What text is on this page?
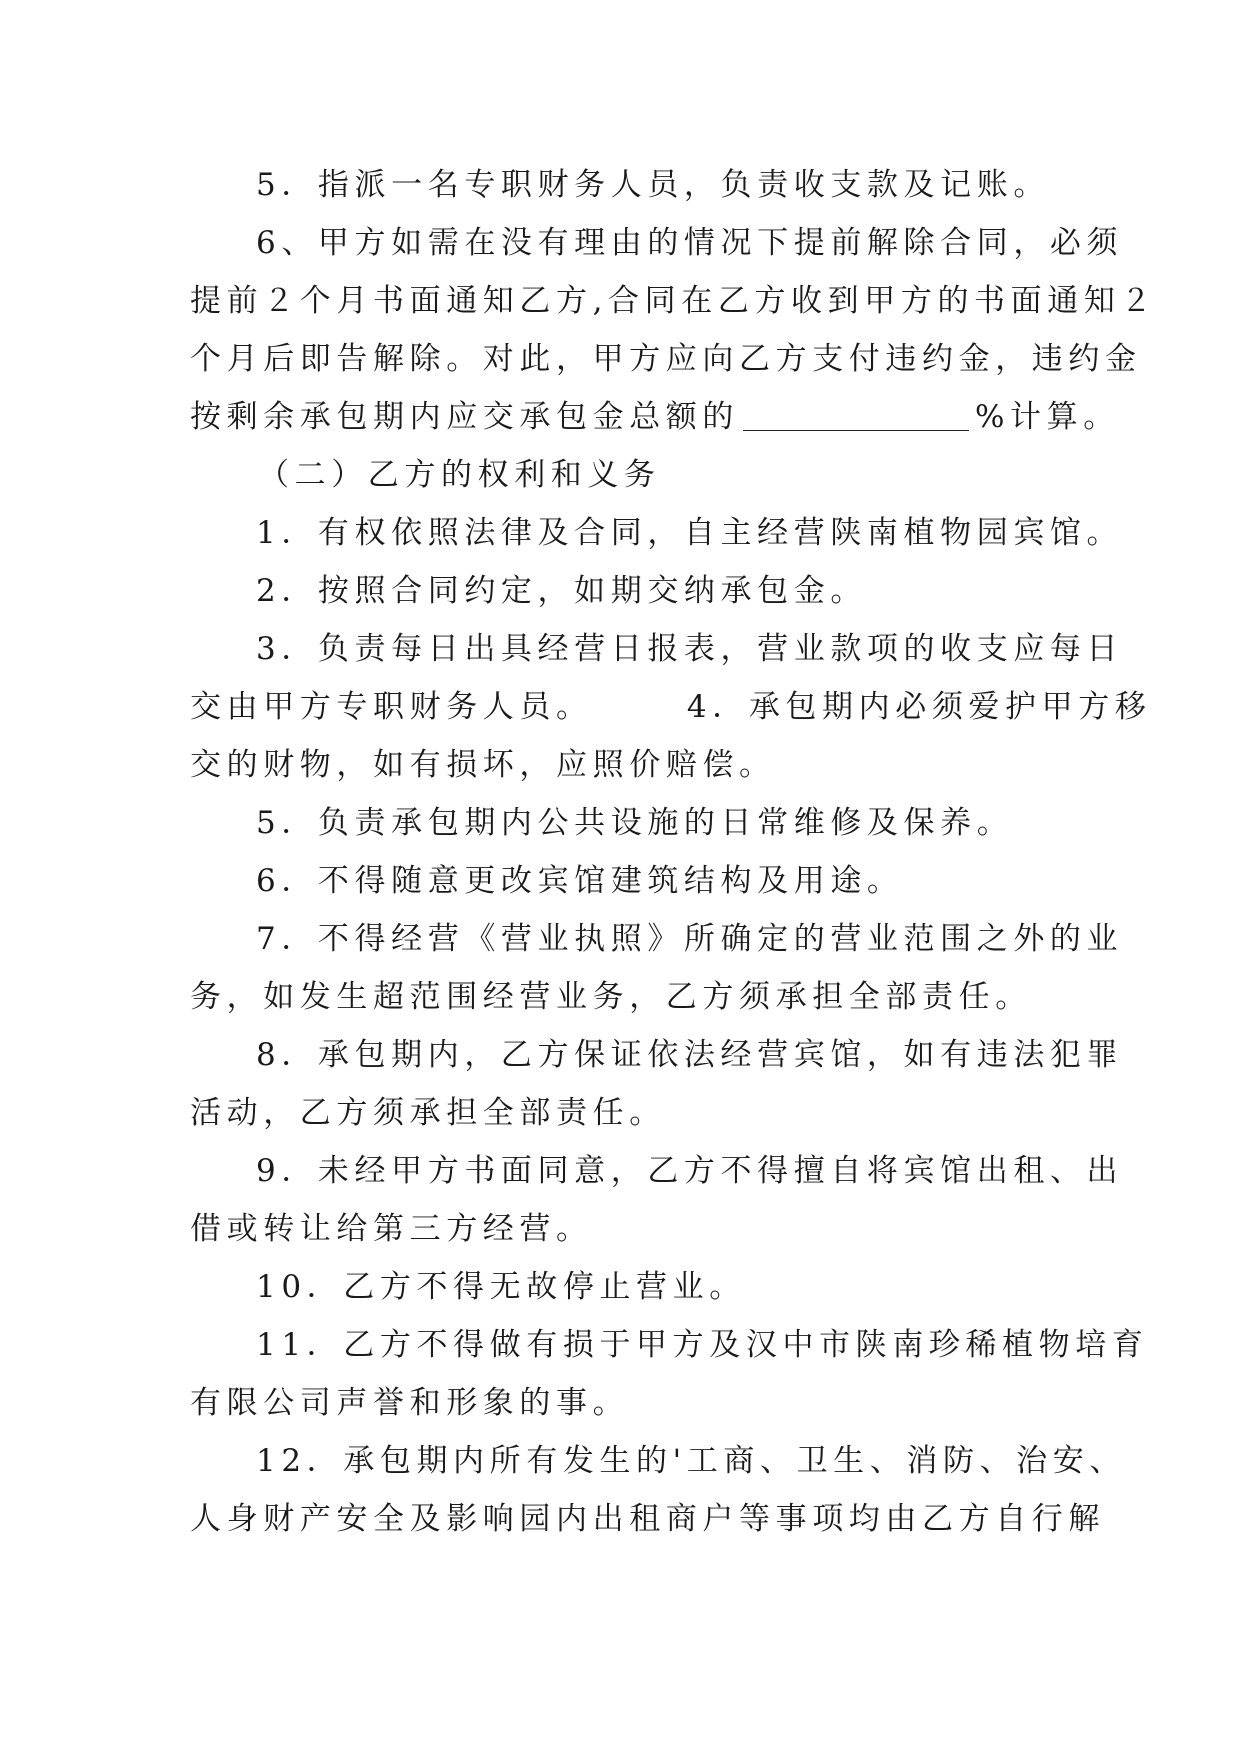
5．指派一名专职财务人员，负责收支款及记账。
6、甲方如需在没有理由的情况下提前解除合同，必须
提前２个月书面通知乙方,合同在乙方收到甲方的书面通知２
个月后即告解除。对此，甲方应向乙方支付违约金，违约金
按剩余承包期内应交承包金总额的	%计算。
（二）乙方的权利和义务
1．有权依照法律及合同，自主经营陕南植物园宾馆。
2．按照合同约定，如期交纳承包金。
3．负责每日出具经营日报表，营业款项的收支应每日
交由甲方专职财务人员。　　　4．承包期内必须爱护甲方移
交的财物，如有损坏，应照价赔偿。
5．负责承包期内公共设施的日常维修及保养。
6．不得随意更改宾馆建筑结构及用途。
7．不得经营《营业执照》所确定的营业范围之外的业
务，如发生超范围经营业务，乙方须承担全部责任。
8．承包期内，乙方保证依法经营宾馆，如有违法犯罪
活动，乙方须承担全部责任。
9．未经甲方书面同意，乙方不得擅自将宾馆出租、出
借或转让给第三方经营。
10．乙方不得无故停止营业。
11．乙方不得做有损于甲方及汉中市陕南珍稀植物培育
有限公司声誉和形象的事。
12．承包期内所有发生的'工商、卫生、消防、治安、
人身财产安全及影响园内出租商户等事项均由乙方自行解
